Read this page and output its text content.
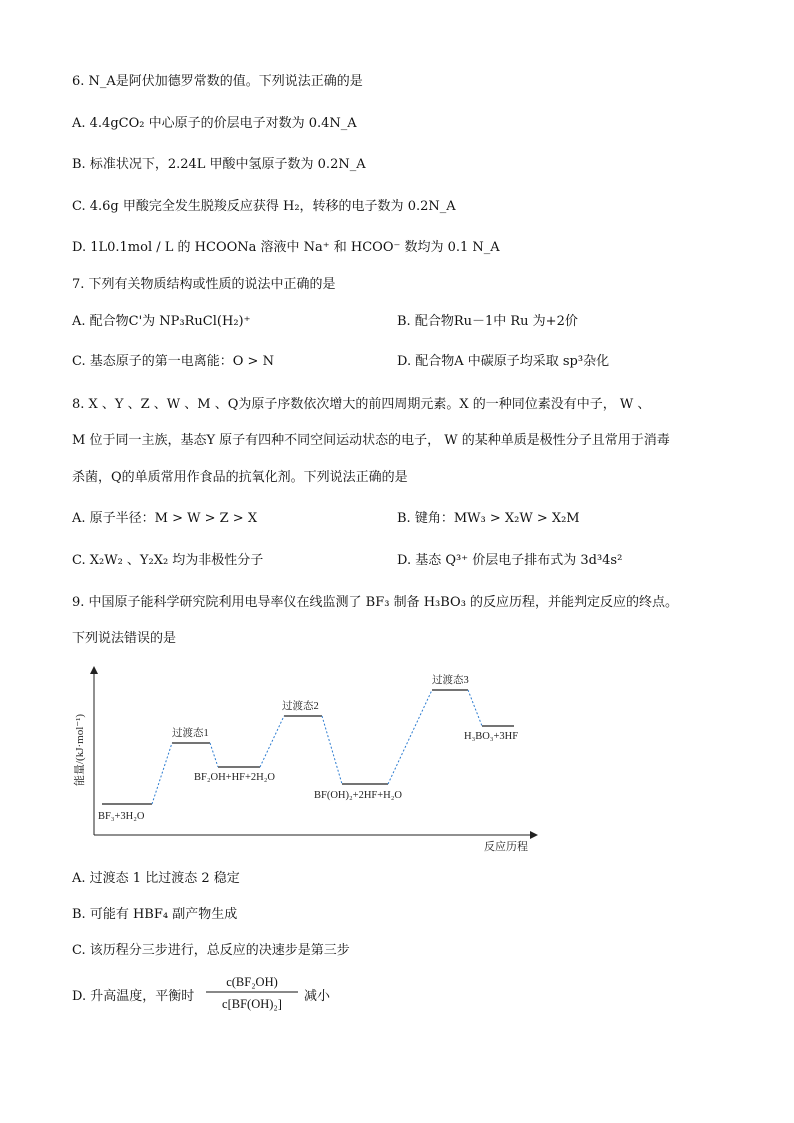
6. N_A是阿伏加德罗常数的值。下列说法正确的是
A. 4.4gCO₂ 中心原子的价层电子对数为 0.4N_A
B. 标准状况下，2.24L 甲酸中氢原子数为 0.2N_A
C. 4.6g 甲酸完全发生脱羧反应获得 H₂，转移的电子数为 0.2N_A
D. 1L0.1mol / L 的 HCOONa 溶液中 Na⁺ 和 HCOO⁻ 数均为 0.1 N_A
7. 下列有关物质结构或性质的说法中正确的是
A. 配合物C'为 NP₃RuCl(H₂)⁺	B. 配合物Ru－1中 Ru 为+2价
C. 基态原子的第一电离能：O > N	D. 配合物A 中碳原子均采取 sp³杂化
8. X 、Y 、Z 、W 、M 、Q为原子序数依次增大的前四周期元素。X 的一种同位素没有中子， W 、
M 位于同一主族，基态Y 原子有四种不同空间运动状态的电子， W 的某种单质是极性分子且常用于消毒
杀菌，Q的单质常用作食品的抗氧化剂。下列说法正确的是
A. 原子半径：M > W > Z > X	B. 键角：MW₃ > X₂W > X₂M
C. X₂W₂ 、Y₂X₂ 均为非极性分子	D. 基态 Q³⁺ 价层电子排布式为 3d³4s²
9. 中国原子能科学研究院利用电导率仪在线监测了 BF₃ 制备 H₃BO₃ 的反应历程，并能判定反应的终点。
下列说法错误的是
能量/(kJ·mol⁻¹)
反应历程
BF₃+3H₂O
过渡态1
BF₂OH+HF+2H₂O
过渡态2
BF(OH)₂+2HF+H₂O
过渡态3
H₃BO₃+3HF
A. 过渡态 1 比过渡态 2 稳定
B. 可能有 HBF₄ 副产物生成
C. 该历程分三步进行，总反应的决速步是第三步
D. 升高温度，平衡时
c(BF₂OH)
c[BF(OH)₂] 减小
